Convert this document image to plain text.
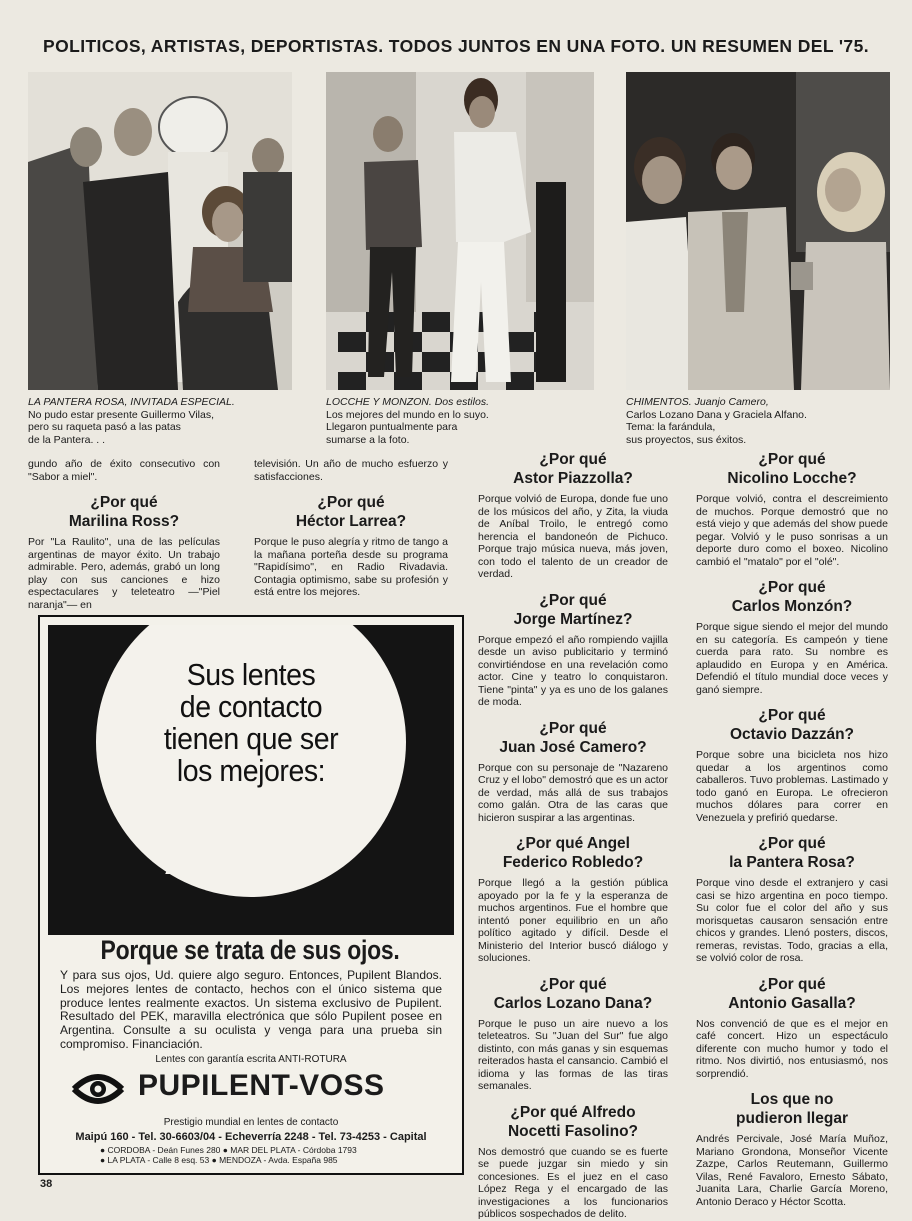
POLITICOS, ARTISTAS, DEPORTISTAS. TODOS JUNTOS EN UNA FOTO. UN RESUMEN DEL '75.

LA PANTERA ROSA, INVITADA ESPECIAL.

No pudo estar presente Guillermo Vilas,

pero su raqueta pasó a las patas

de la Pantera. . .

LOCCHE Y MONZON. Dos estilos.

Los mejores del mundo en lo suyo.

Llegaron puntualmente para

sumarse a la foto.

CHIMENTOS. Juanjo Camero,

Carlos Lozano Dana y Graciela Alfano.

Tema: la farándula,

sus proyectos, sus éxitos.

gundo año de éxito consecutivo con "Sabor a miel".

¿Por qué
Marilina Ross?

Por "La Raulito", una de las películas argentinas de mayor éxito. Un trabajo admirable. Pero, además, grabó un long play con sus canciones e hizo espectaculares y teleteatro —"Piel naranja"— en

televisión. Un año de mucho esfuerzo y satisfacciones.

¿Por qué
Héctor Larrea?

Porque le puso alegría y ritmo de tango a la mañana porteña desde su programa "Rapidísimo", en Radio Rivadavia. Contagia optimismo, sabe su profesión y está entre los mejores.

¿Por qué
Astor Piazzolla?

Porque volvió de Europa, donde fue uno de los músicos del año, y Zita, la viuda de Aníbal Troilo, le entregó como herencia el bandoneón de Pichuco. Porque trajo música nueva, más joven, con todo el talento de un creador de verdad.

¿Por qué
Jorge Martínez?

Porque empezó el año rompiendo vajilla desde un aviso publicitario y terminó convirtiéndose en una revelación como actor. Cine y teatro lo conquistaron. Tiene "pinta" y ya es uno de los galanes de moda.

¿Por qué
Juan José Camero?

Porque con su personaje de "Nazareno Cruz y el lobo" demostró que es un actor de verdad, más allá de sus trabajos como galán. Otra de las caras que hicieron suspirar a las argentinas.

¿Por qué Angel
Federico Robledo?

Porque llegó a la gestión pública apoyado por la fe y la esperanza de muchos argentinos. Fue el hombre que intentó poner equilibrio en un año político agitado y difícil. Desde el Ministerio del Interior buscó diálogo y soluciones.

¿Por qué
Carlos Lozano Dana?

Porque le puso un aire nuevo a los teleteatros. Su "Juan del Sur" fue algo distinto, con más ganas y sin esquemas reiterados hasta el cansancio. Cambió el idioma y las formas de las tiras semanales.

¿Por qué Alfredo
Nocetti Fasolino?

Nos demostró que cuando se es fuerte se puede juzgar sin miedo y sin concesiones. Es el juez en el caso López Rega y el encargado de las investigaciones a los funcionarios públicos sospechados de delito.

¿Por qué
Nicolino Locche?

Porque volvió, contra el descreimiento de muchos. Porque demostró que no está viejo y que además del show puede pegar. Volvió y le puso sonrisas a un deporte duro como el boxeo. Nicolino cambió el "matalo" por el "olé".

¿Por qué
Carlos Monzón?

Porque sigue siendo el mejor del mundo en su categoría. Es campeón y tiene cuerda para rato. Su nombre es aplaudido en Europa y en América. Defendió el título mundial doce veces y ganó siempre.

¿Por qué
Octavio Dazzán?

Porque sobre una bicicleta nos hizo quedar a los argentinos como caballeros. Tuvo problemas. Lastimado y todo ganó en Europa. Le ofrecieron muchos dólares para correr en Venezuela y prefirió quedarse.

¿Por qué
la Pantera Rosa?

Porque vino desde el extranjero y casi casi se hizo argentina en poco tiempo. Su color fue el color del año y sus morisquetas causaron sensación entre chicos y grandes. Llenó posters, discos, remeras, revistas. Todo, gracias a ella, se volvió color de rosa.

¿Por qué
Antonio Gasalla?

Nos convenció de que es el mejor en café concert. Hizo un espectáculo diferente con mucho humor y todo el ritmo. Nos divirtió, nos entusiasmó, nos sorprendió.

Los que no
pudieron llegar

Andrés Percivale, José María Muñoz, Mariano Grondona, Monseñor Vicente Zazpe, Carlos Reutemann, Guillermo Vilas, René Favaloro, Ernesto Sábato, Juanita Lara, Charlie García Moreno, Antonio Deraco y Héctor Scotta.

Sus lentes
de contacto
tienen que ser
los mejores:
Pupilent
blandos
Porque se trata de sus ojos.
Y para sus ojos, Ud. quiere algo seguro. Entonces, Pupilent Blandos. Los mejores lentes de contacto, hechos con el único sistema que produce lentes realmente exactos. Un sistema exclusivo de Pupilent. Resultado del PEK, maravilla electrónica que sólo Pupilent posee en Argentina. Consulte a su oculista y venga para una prueba sin compromiso. Financiación.
Lentes con garantía escrita ANTI-ROTURA
PUPILENT-VOSS
Prestigio mundial en lentes de contacto
Maipú 160 - Tel. 30-6603/04 - Echeverría 2248 - Tel. 73-4253 - Capital
● CORDOBA - Deán Funes 280 ● MAR DEL PLATA - Córdoba 1793
● LA PLATA - Calle 8 esq. 53 ● MENDOZA - Avda. España 985
38
